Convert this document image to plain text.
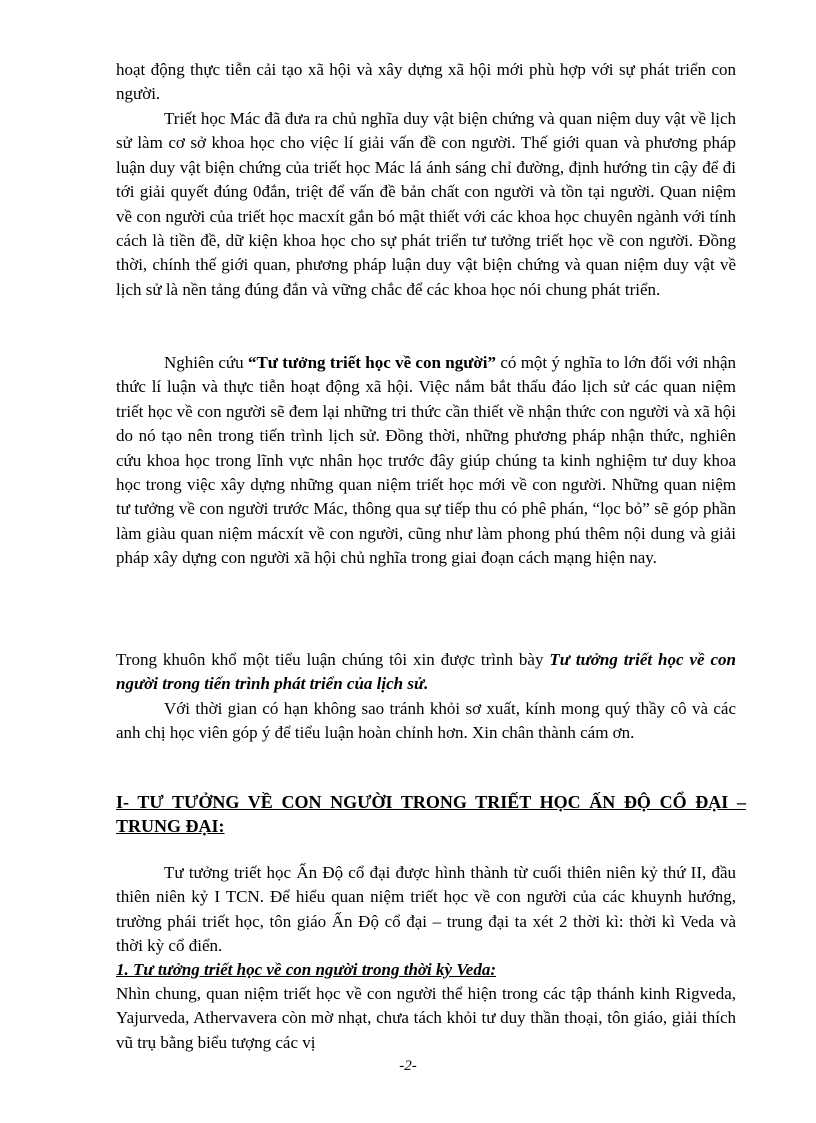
hoạt động thực tiễn cải tạo xã hội và xây dựng xã hội mới phù hợp với sự phát triển con người.

Triết học Mác đã đưa ra chủ nghĩa duy vật biện chứng và quan niệm duy vật về lịch sử làm cơ sở khoa học cho việc lí giải vấn đề con người. Thế giới quan và phương pháp luận duy vật biện chứng của triết học Mác lá ánh sáng chỉ đường, định hướng tin cậy để đi tới giải quyết đúng 0đắn, triệt để vấn đề bản chất con người và tồn tại người. Quan niệm về con người của triết học macxít gắn bó mật thiết với các khoa học chuyên ngành với tính cách là tiền đề, dữ kiện khoa học cho sự phát triển tư tưởng triết học về con người. Đồng thời, chính thế giới quan, phương pháp luận duy vật biện chứng và quan niệm duy vật về lịch sử là nền tảng đúng đắn và vững chắc để các khoa học nói chung phát triển.

Nghiên cứu “Tư tưởng triết học về con người” có một ý nghĩa to lớn đối với nhận thức lí luận và thực tiễn hoạt động xã hội. Việc nắm bắt thấu đáo lịch sử các quan niệm triết học về con người sẽ đem lại những tri thức cần thiết về nhận thức con người và xã hội do nó tạo nên trong tiến trình lịch sử. Đồng thời, những phương pháp nhận thức, nghiên cứu khoa học trong lĩnh vực nhân học trước đây giúp chúng ta kinh nghiệm tư duy khoa học trong việc xây dựng những quan niệm triết học mới về con người. Những quan niệm tư tưởng về con người trước Mác, thông qua sự tiếp thu có phê phán, “lọc bỏ” sẽ góp phần làm giàu quan niệm mácxít về con người, cũng như làm phong phú thêm nội dung và giải pháp xây dựng con người xã hội chủ nghĩa trong giai đoạn cách mạng hiện nay.

Trong khuôn khổ một tiểu luận chúng tôi xin được trình bày Tư tưởng triết học về con người trong tiến trình phát triển của lịch sử.

Với thời gian có hạn không sao tránh khỏi sơ xuất, kính mong quý thầy cô và các anh chị học viên góp ý để tiểu luận hoàn chỉnh hơn. Xin chân thành cám ơn.

I- TƯ TƯỞNG VỀ CON NGƯỜI TRONG TRIẾT HỌC ẤN ĐỘ CỔ ĐẠI – TRUNG ĐẠI:

Tư tưởng triết học Ấn Độ cổ đại được hình thành từ cuối thiên niên kỷ thứ II, đầu thiên niên kỷ I TCN. Để hiểu quan niệm triết học về con người của các khuynh hướng, trường phái triết học, tôn giáo Ấn Độ cổ đại – trung đại ta xét 2 thời kì: thời kì Veda và thời kỳ cổ điển.

1. Tư tưởng triết học về con người trong thời kỳ Veda:

Nhìn chung, quan niệm triết học về con người thể hiện trong các tập thánh kinh Rigveda, Yajurveda, Athervavera còn mờ nhạt, chưa tách khỏi tư duy thần thoại, tôn giáo, giải thích vũ trụ bằng biểu tượng các vị

-2-
